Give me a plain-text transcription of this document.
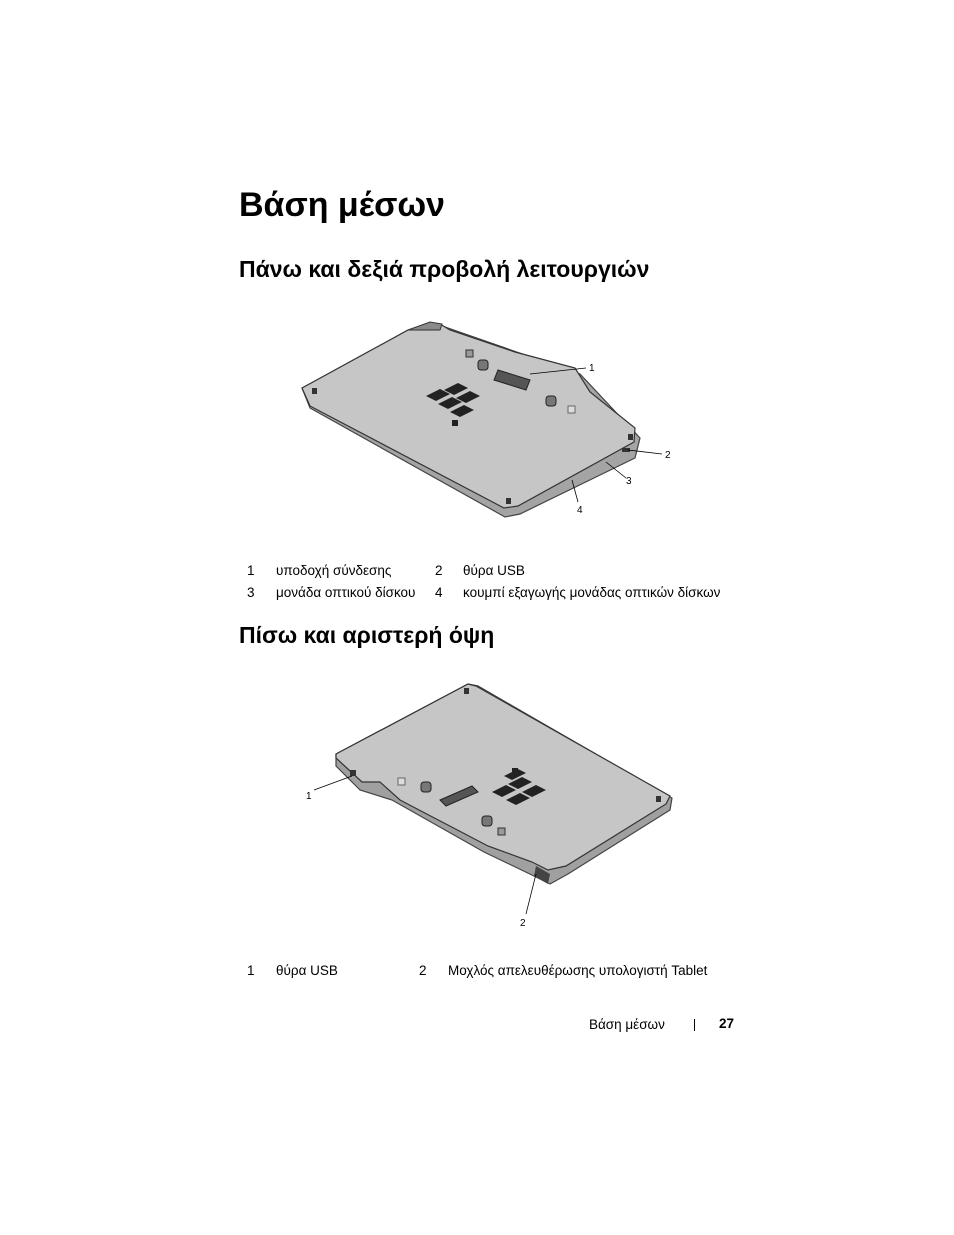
Βάση μέσων
Πάνω και δεξιά προβολή λειτουργιών
1
2
3
4
1 υποδοχή σύνδεσης	2 θύρα USB
3 μονάδα οπτικού δίσκου 4 κουμπί εξαγωγής μονάδας οπτικών δίσκων
Πίσω και αριστερή όψη
1
2
1 θύρα USB	2 Μοχλός απελευθέρωσης υπολογιστή Tablet
Βάση μέσων	27
